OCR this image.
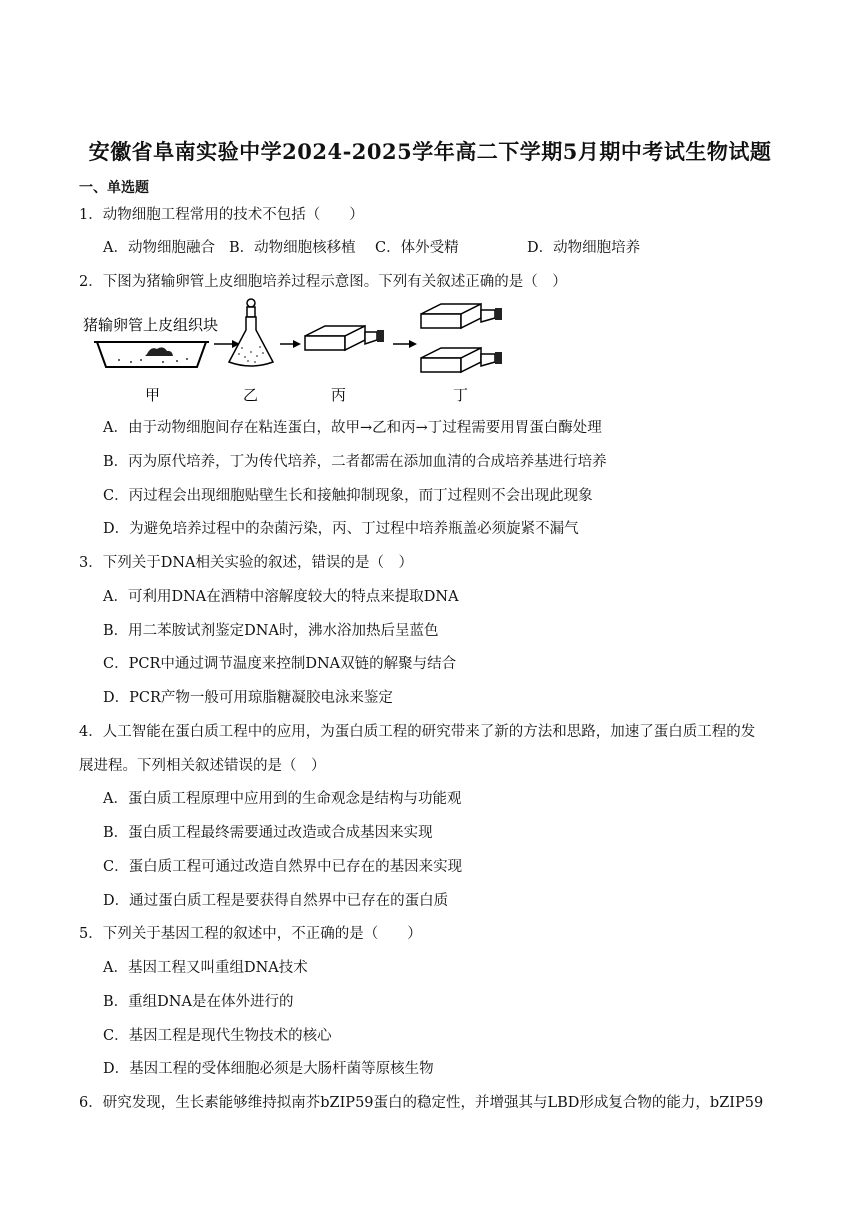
安徽省阜南实验中学2024-2025学年高二下学期5月期中考试生物试题
一、单选题
1．动物细胞工程常用的技术不包括（　　）
A．动物细胞融合 B．动物细胞核移植 C．体外受精	D．动物细胞培养
2．下图为猪输卵管上皮细胞培养过程示意图。下列有关叙述正确的是（　）
猪输卵管上皮组织块
甲	乙	丙	丁
A．由于动物细胞间存在粘连蛋白，故甲→乙和丙→丁过程需要用胃蛋白酶处理
B．丙为原代培养，丁为传代培养，二者都需在添加血清的合成培养基进行培养
C．丙过程会出现细胞贴壁生长和接触抑制现象，而丁过程则不会出现此现象
D．为避免培养过程中的杂菌污染，丙、丁过程中培养瓶盖必须旋紧不漏气
3．下列关于DNA相关实验的叙述，错误的是（　）
A．可利用DNA在酒精中溶解度较大的特点来提取DNA
B．用二苯胺试剂鉴定DNA时，沸水浴加热后呈蓝色
C．PCR中通过调节温度来控制DNA双链的解聚与结合
D．PCR产物一般可用琼脂糖凝胶电泳来鉴定
4．人工智能在蛋白质工程中的应用，为蛋白质工程的研究带来了新的方法和思路，加速了蛋白质工程的发
展进程。下列相关叙述错误的是（　）
A．蛋白质工程原理中应用到的生命观念是结构与功能观
B．蛋白质工程最终需要通过改造或合成基因来实现
C．蛋白质工程可通过改造自然界中已存在的基因来实现
D．通过蛋白质工程是要获得自然界中已存在的蛋白质
5．下列关于基因工程的叙述中，不正确的是（　　）
A．基因工程又叫重组DNA技术
B．重组DNA是在体外进行的
C．基因工程是现代生物技术的核心
D．基因工程的受体细胞必须是大肠杆菌等原核生物
6．研究发现，生长素能够维持拟南芥bZIP59蛋白的稳定性，并增强其与LBD形成复合物的能力，bZIP59
